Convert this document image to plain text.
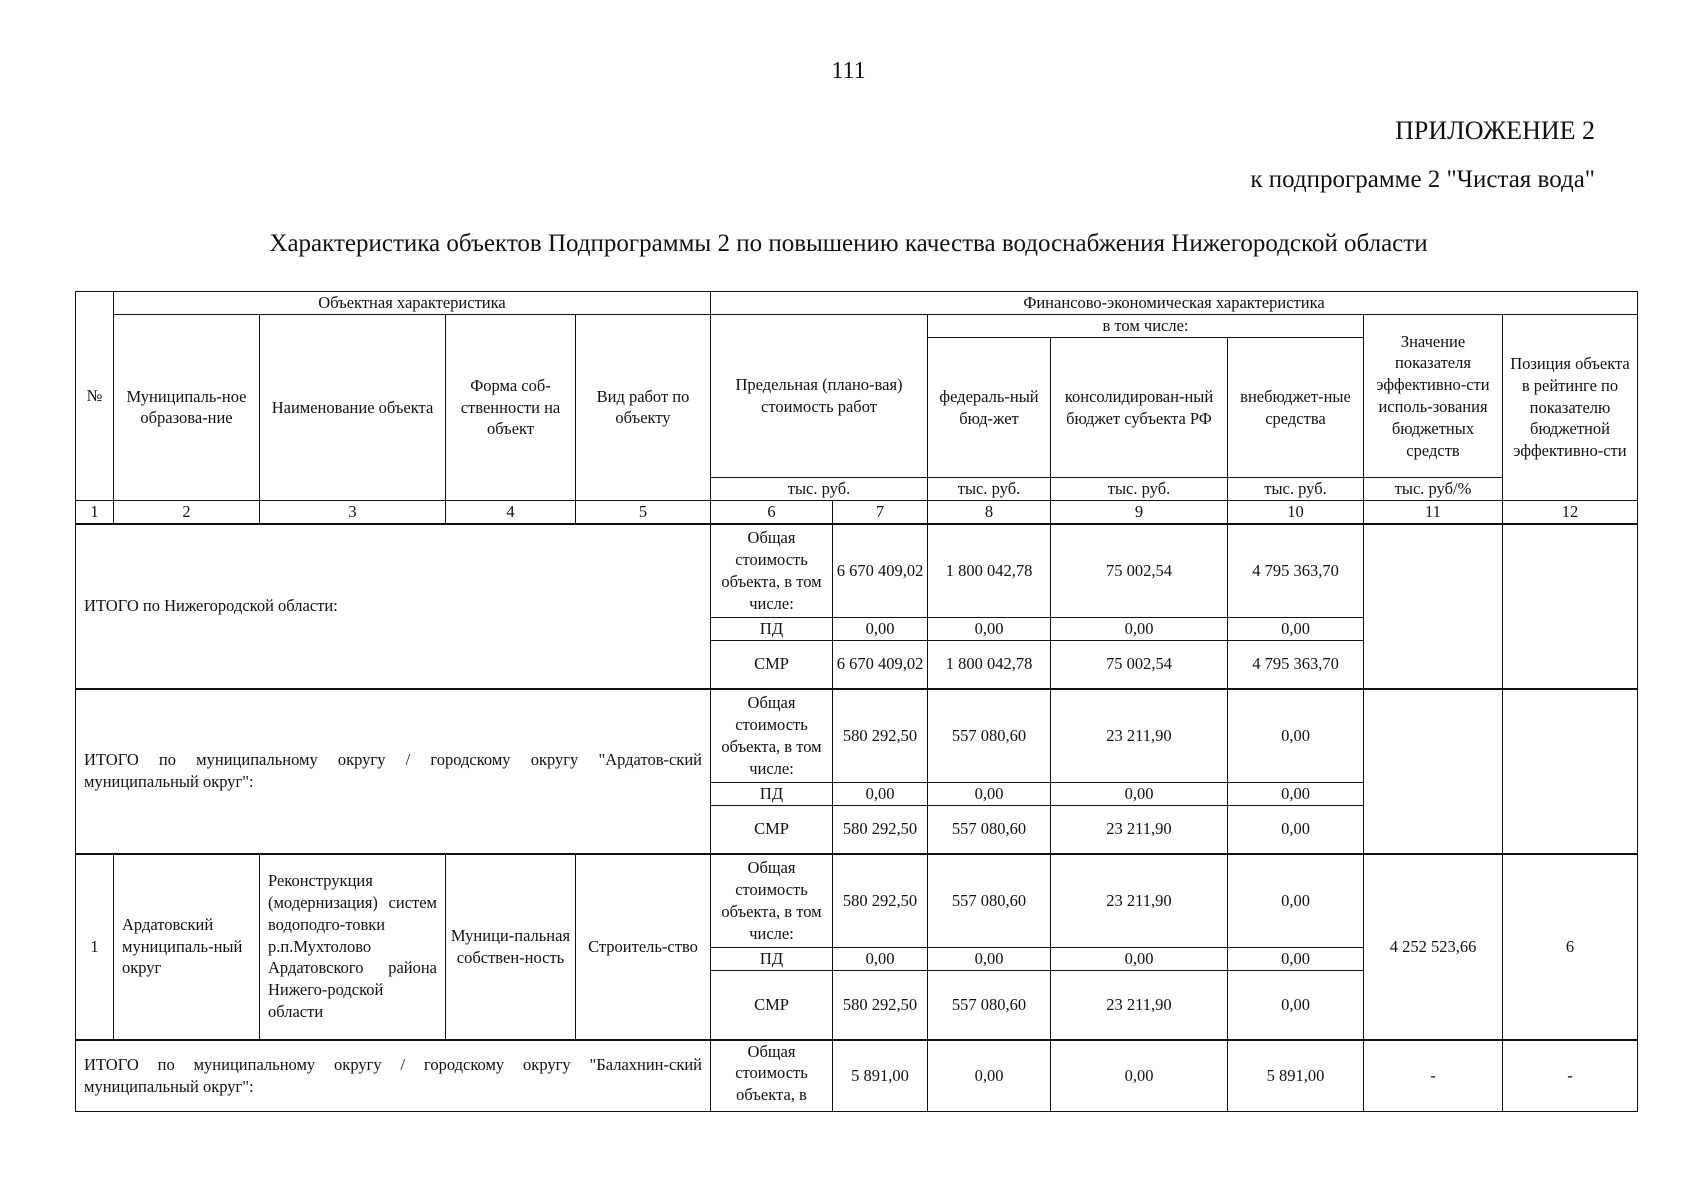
111
ПРИЛОЖЕНИЕ 2
к подпрограмме 2 "Чистая вода"
Характеристика объектов Подпрограммы 2 по повышению качества водоснабжения Нижегородской области
№	Объектная характеристика				Финансово-экономическая характеристика						
	Муниципаль-ное образова-ние	Наименование объекта	Форма соб-ственности на объект	Вид работ по объекту	Предельная (плано-вая) стоимость работ		в том числе:			Значение показателя эффективно-сти исполь-зования бюджетных средств	Позиция объекта в рейтинге по показателю бюджетной эффективно-сти
							федераль-ный бюд-жет	консолидирован-ный бюджет субъекта РФ	внебюджет-ные средства		
					тыс. руб.		тыс. руб.	тыс. руб.	тыс. руб.	тыс. руб/%	
1	2	3	4	5	6	7	8	9	10	11	12
ИТОГО по Нижегородской области:					Общая стоимость объекта, в том числе:	6 670 409,02	1 800 042,78	75 002,54	4 795 363,70		
					ПД	0,00	0,00	0,00	0,00		
					СМР	6 670 409,02	1 800 042,78	75 002,54	4 795 363,70		
ИТОГО по муниципальному округу / городскому округу "Ардатов-ский муниципальный округ":					Общая стоимость объекта, в том числе:	580 292,50	557 080,60	23 211,90	0,00		
					ПД	0,00	0,00	0,00	0,00		
					СМР	580 292,50	557 080,60	23 211,90	0,00		
1	Ардатовский муниципаль-ный округ	Реконструкция (модернизация) систем водоподго-товки р.п.Мухтолово Ардатовского района Нижего-родской области	Муници-пальная собствен-ность	Строитель-ство	Общая стоимость объекта, в том числе:	580 292,50	557 080,60	23 211,90	0,00	4 252 523,66	6
					ПД	0,00	0,00	0,00	0,00		
					СМР	580 292,50	557 080,60	23 211,90	0,00		
ИТОГО по муниципальному округу / городскому округу "Балахнин-ский муниципальный округ":					Общая стоимость объекта, в	5 891,00	0,00	0,00	5 891,00	-	-
